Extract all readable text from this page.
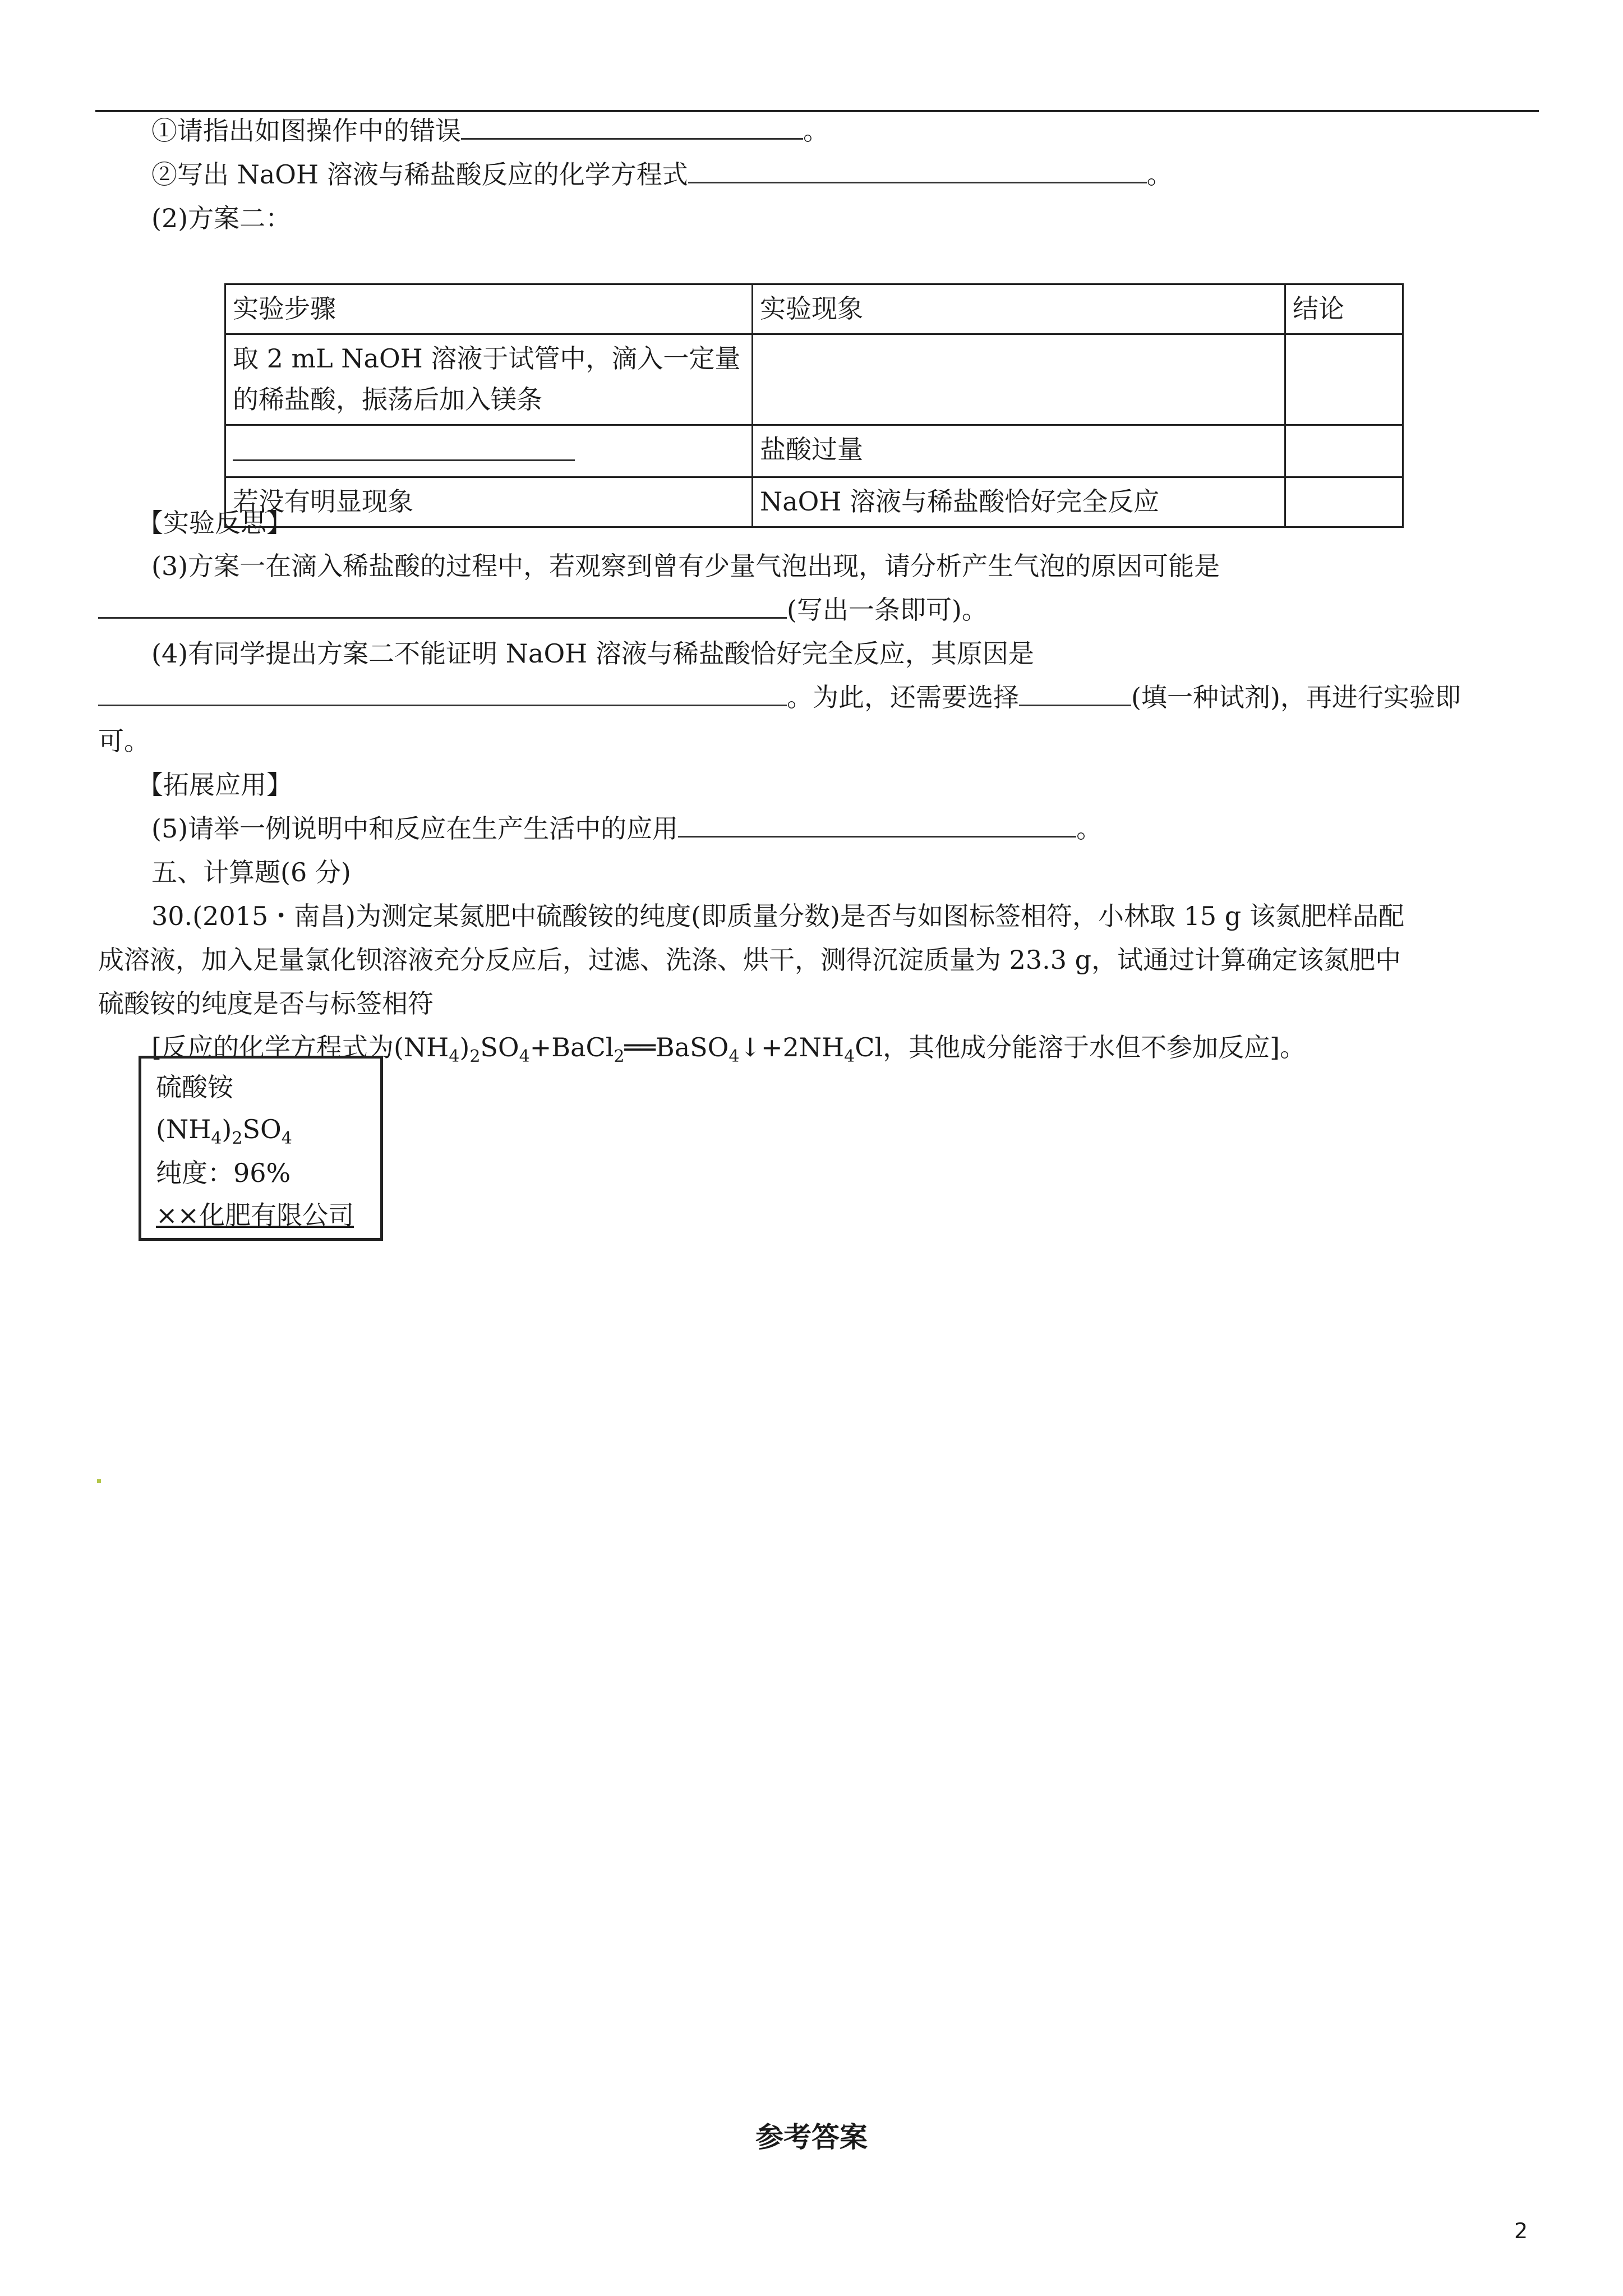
①请指出如图操作中的错误	。
②写出 NaOH 溶液与稀盐酸反应的化学方程式	。
(2)方案二：
实验步骤	实验现象	结论

取 2 mL NaOH 溶液于试管中，滴入一定量
的稀盐酸，振荡后加入镁条		

	盐酸过量	
若没有明显现象	NaOH 溶液与稀盐酸恰好完全反应	
【实验反思】
(3)方案一在滴入稀盐酸的过程中，若观察到曾有少量气泡出现，请分析产生气泡的原因可能是
(写出一条即可)。
(4)有同学提出方案二不能证明 NaOH 溶液与稀盐酸恰好完全反应，其原因是
。为此，还需要选择	(填一种试剂)，再进行实验即
可。
【拓展应用】
(5)请举一例说明中和反应在生产生活中的应用	。
五、计算题(6 分)
30.(2015・南昌)为测定某氮肥中硫酸铵的纯度(即质量分数)是否与如图标签相符，小林取 15 g 该氮肥样品配
成溶液，加入足量氯化钡溶液充分反应后，过滤、洗涤、烘干，测得沉淀质量为 23.3 g，试通过计算确定该氮肥中
硫酸铵的纯度是否与标签相符
[反应的化学方程式为$(NH_4)_2SO_4+BaCl_2══BaSO_4↓+2NH_4Cl$，其他成分能溶于水但不参加反应]。
硫酸铵
$(NH_4)_2SO_4$
纯度：96%
××化肥有限公司
参考答案
2
